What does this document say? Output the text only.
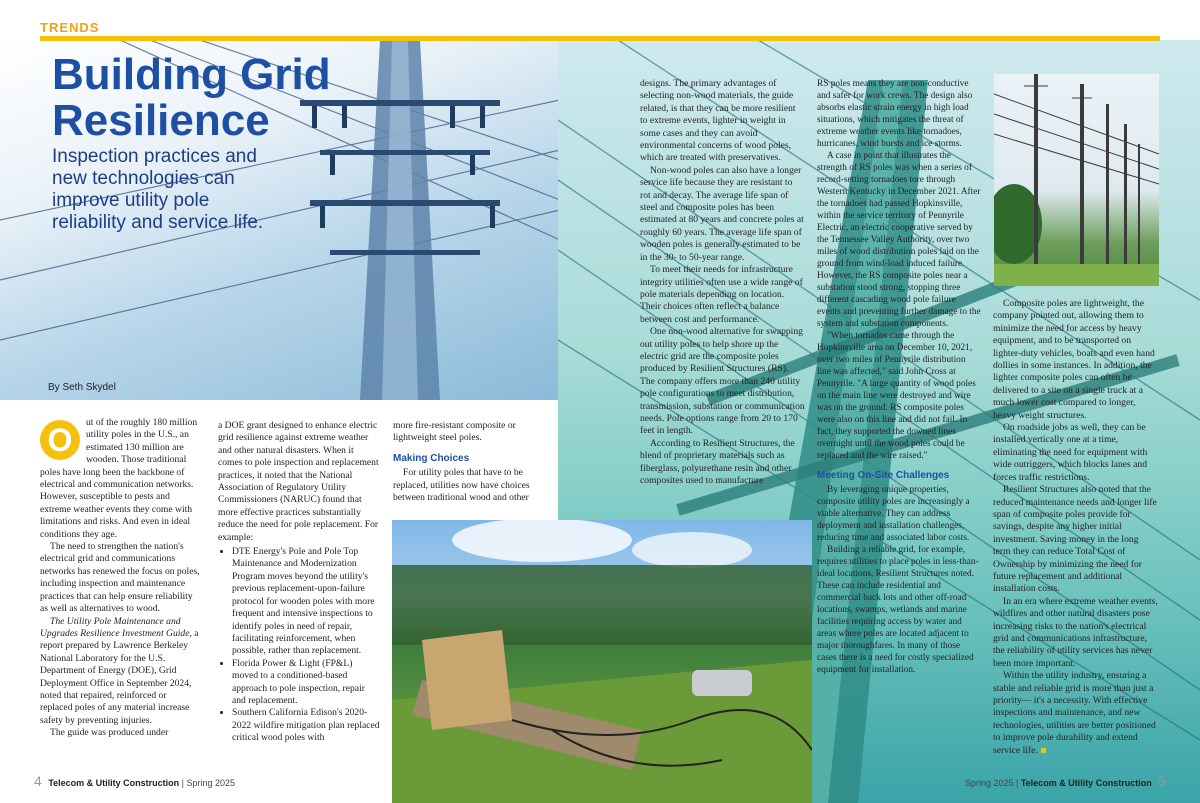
TRENDS
Building Grid Resilience
Inspection practices and new technologies can improve utility pole reliability and service life.
By Seth Skydel
O	ut of the roughly 180 million utility poles in the U.S., an estimated 130 million are wooden. Those traditional poles have long been the backbone of electrical and communication networks. However, susceptible to pests and extreme weather events they come with limitations and risks. And even in ideal conditions they age.

The need to strengthen the nation's electrical grid and communications networks has renewed the focus on poles, including inspection and maintenance practices that can help ensure reliability as well as alternatives to wood.

The Utility Pole Maintenance and Upgrades Resilience Investment Guide, a report prepared by Lawrence Berkeley National Laboratory for the U.S. Department of Energy (DOE), Grid Deployment Office in September 2024, noted that repaired, reinforced or replaced poles of any material increase safety by preventing injuries.

The guide was produced under

a DOE grant designed to enhance electric grid resilience against extreme weather and other natural disasters. When it comes to pole inspection and replacement practices, it noted that the National Association of Regulatory Utility Commissioners (NARUC) found that more effective practices substantially reduce the need for pole replacement. For example:

• DTE Energy's Pole and Pole Top Maintenance and Modernization Program moves beyond the utility's previous replacement-upon-failure protocol for wooden poles with more frequent and intensive inspections to identify poles in need of repair, facilitating reinforcement, when possible, rather than replacement.
• Florida Power & Light (FP&L) moved to a conditioned-based approach to pole inspection, repair and replacement.
• Southern California Edison's 2020-2022 wildfire mitigation plan replaced critical wood poles with

more fire-resistant composite or lightweight steel poles.

Making Choices

For utility poles that have to be replaced, utilities now have choices between traditional wood and other

designs. The primary advantages of selecting non-wood materials, the guide related, is that they can be more resilient to extreme events, lighter in weight in some cases and they can avoid environmental concerns of wood poles, which are treated with preservatives.

Non-wood poles can also have a longer service life because they are resistant to rot and decay. The average life span of steel and composite poles has been estimated at 80 years and concrete poles at roughly 60 years. The average life span of wooden poles is generally estimated to be in the 30- to 50-year range.

To meet their needs for infrastructure integrity utilities often use a wide range of pole materials depending on location. Their choices often reflect a balance between cost and performance.

One non-wood alternative for swapping out utility poles to help shore up the electric grid are the composite poles produced by Resilient Structures (RS). The company offers more than 240 utility pole configurations to meet distribution, transmission, substation or communication needs. Pole options range from 20 to 170 feet in length.

According to Resilient Structures, the blend of proprietary materials such as fiberglass, polyurethane resin and other composites used to manufacture

RS poles means they are non-conductive and safer for work crews. The design also absorbs elastic strain energy in high load situations, which mitigates the threat of extreme weather events like tornadoes, hurricanes, wind bursts and ice storms.

A case in point that illustrates the strength of RS poles was when a series of record-setting tornadoes tore through Western Kentucky in December 2021. After the tornadoes had passed Hopkinsville, within the service territory of Pennyrile Electric, an electric cooperative served by the Tennessee Valley Authority, over two miles of wood distribution poles laid on the ground from wind-load induced failure. However, the RS composite poles near a substation stood strong, stopping three different cascading wood pole failure events and preventing further damage to the system and substation components.

"When tornados came through the Hopkinsville area on December 10, 2021, over two miles of Pennyrile distribution line was affected," said John Cross at Pennyrile. "A large quantity of wood poles on the main line were destroyed and wire was on the ground. RS composite poles were also on this line and did not fail. In fact, they supported the downed lines overnight until the wood poles could be replaced and the wire raised."

Meeting On-Site Challenges

By leveraging unique properties, composite utility poles are increasingly a viable alternative. They can address deployment and installation challenges, reducing time and associated labor costs.

Building a reliable grid, for example, requires utilities to place poles in less-than-ideal locations, Resilient Structures noted. These can include residential and commercial back lots and other off-road locations, swamps, wetlands and marine facilities requiring access by water and areas where poles are located adjacent to major thoroughfares. In many of those cases there is a need for costly specialized equipment for installation.

Composite poles are lightweight, the company pointed out, allowing them to minimize the need for access by heavy equipment, and to be transported on lighter-duty vehicles, boats and even hand dollies in some instances. In addition, the lighter composite poles can often be delivered to a site on a single truck at a much lower cost compared to longer, heavy weight structures.

On roadside jobs as well, they can be installed vertically one at a time, eliminating the need for equipment with wide outriggers, which blocks lanes and forces traffic restrictions.

Resilient Structures also noted that the reduced maintenance needs and longer life span of composite poles provide for savings, despite any higher initial investment. Saving money in the long term they can reduce Total Cost of Ownership by minimizing the need for future replacement and additional installation costs.

In an era where extreme weather events, wildfires and other natural disasters pose increasing risks to the nation's electrical grid and communications infrastructure, the reliability of utility services has never been more important.

Within the utility industry, ensuring a stable and reliable grid is more than just a priority— it's a necessity. With effective inspections and maintenance, and new technologies, utilities are better positioned to improve pole durability and extend service life.

4 Telecom & Utility Construction | Spring 2025	Spring 2025 | Telecom & Utility Construction 5
